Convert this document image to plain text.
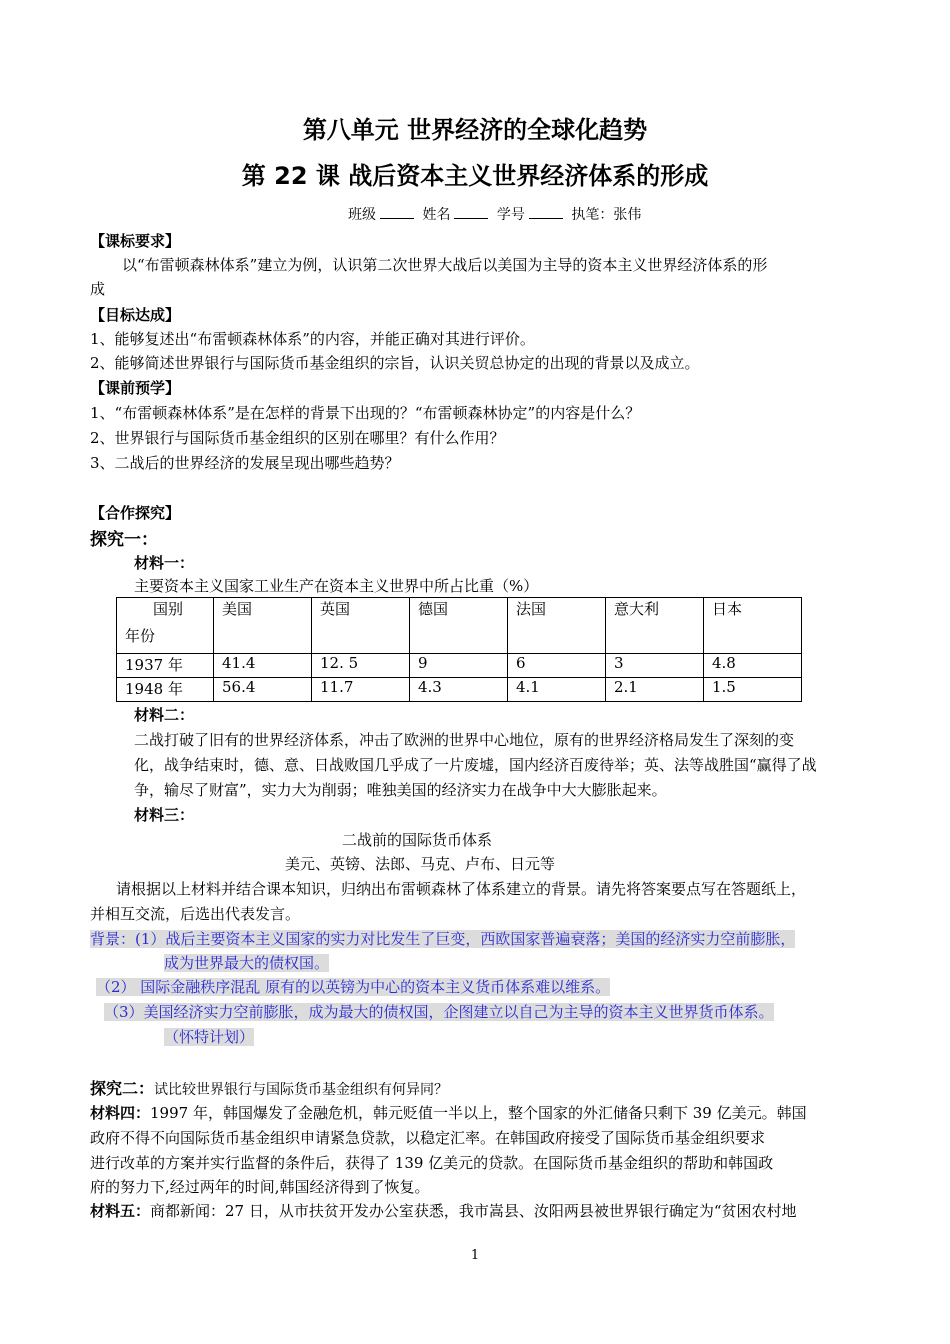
第八单元 世界经济的全球化趋势
第 22 课 战后资本主义世界经济体系的形成
班级	姓名	学号	执笔：张伟
【课标要求】
以“布雷顿森林体系”建立为例，认识第二次世界大战后以美国为主导的资本主义世界经济体系的形
成
【目标达成】
1、能够复述出“布雷顿森林体系”的内容，并能正确对其进行评价。
2、能够简述世界银行与国际货币基金组织的宗旨，认识关贸总协定的出现的背景以及成立。
【课前预学】
1、“布雷顿森林体系”是在怎样的背景下出现的？“布雷顿森林协定”的内容是什么？
2、世界银行与国际货币基金组织的区别在哪里？有什么作用？
3、二战后的世界经济的发展呈现出哪些趋势？
【合作探究】
探究一：
材料一：
主要资本主义国家工业生产在资本主义世界中所占比重（%）
国别
年份	美国	英国	德国	法国	意大利	日本
1937 年	41.4	12. 5	9	6	3	4.8
1948 年	56.4	11.7	4.3	4.1	2.1	1.5
材料二：
二战打破了旧有的世界经济体系，冲击了欧洲的世界中心地位，原有的世界经济格局发生了深刻的变
化，战争结束时，德、意、日战败国几乎成了一片废墟，国内经济百废待举；英、法等战胜国“赢得了战
争，输尽了财富”，实力大为削弱；唯独美国的经济实力在战争中大大膨胀起来。
材料三：
二战前的国际货币体系
美元、英镑、法郎、马克、卢布、日元等
请根据以上材料并结合课本知识，归纳出布雷顿森林了体系建立的背景。请先将答案要点写在答题纸上，
并相互交流，后选出代表发言。
背景：(1）战后主要资本主义国家的实力对比发生了巨变，西欧国家普遍衰落；美国的经济实力空前膨胀，
成为世界最大的债权国。
（2） 国际金融秩序混乱 原有的以英镑为中心的资本主义货币体系难以维系。
（3）美国经济实力空前膨胀，成为最大的债权国，企图建立以自己为主导的资本主义世界货币体系。
（怀特计划）
探究二：试比较世界银行与国际货币基金组织有何异同？
材料四：1997 年，韩国爆发了金融危机，韩元贬值一半以上，整个国家的外汇储备只剩下 39 亿美元。韩国
政府不得不向国际货币基金组织申请紧急贷款，以稳定汇率。在韩国政府接受了国际货币基金组织要求
进行改革的方案并实行监督的条件后，获得了 139 亿美元的贷款。在国际货币基金组织的帮助和韩国政
府的努力下,经过两年的时间,韩国经济得到了恢复。
材料五：商都新闻：27 日，从市扶贫开发办公室获悉，我市嵩县、汝阳两县被世界银行确定为“贫困农村地
1
